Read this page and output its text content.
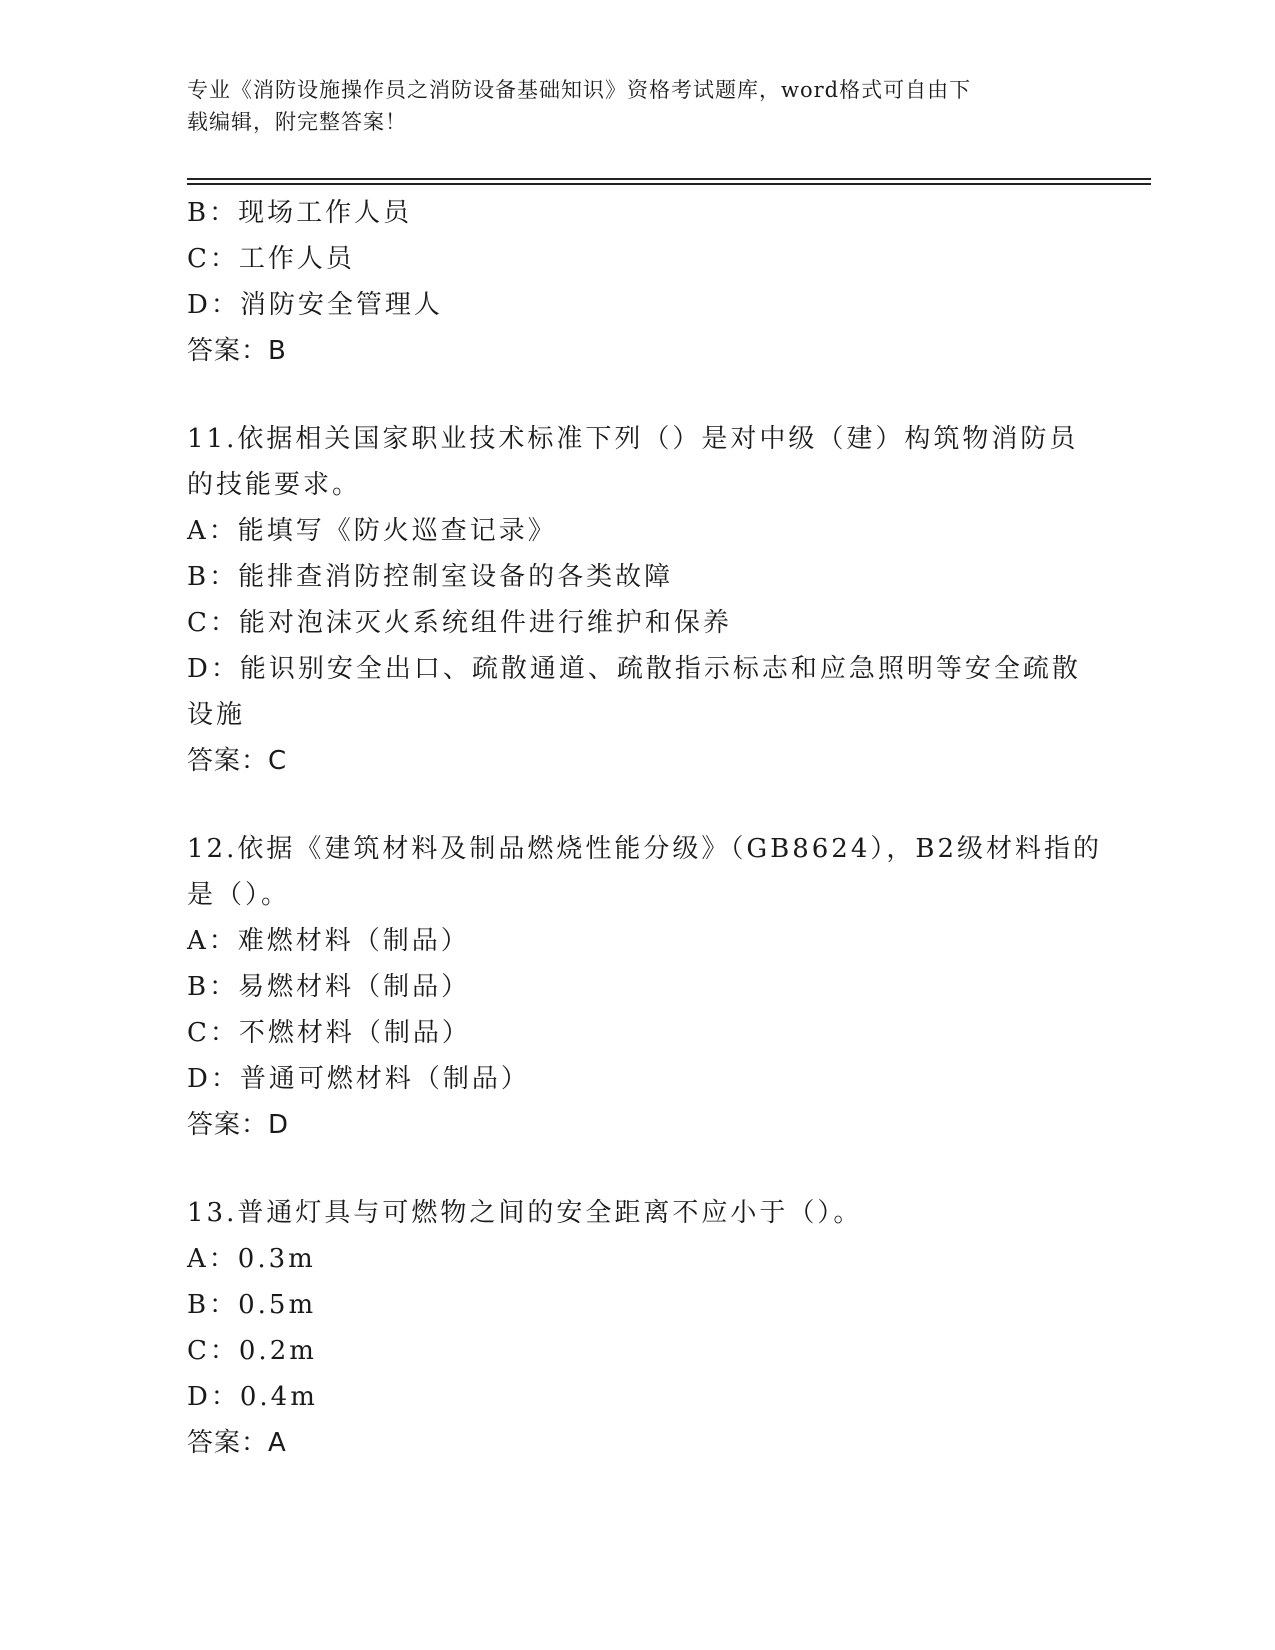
专业《消防设施操作员之消防设备基础知识》资格考试题库，word格式可自由下
载编辑，附完整答案！
B：现场工作人员
C：工作人员
D：消防安全管理人
答案：B
11.依据相关国家职业技术标准下列（）是对中级（建）构筑物消防员
的技能要求。
A：能填写《防火巡查记录》
B：能排查消防控制室设备的各类故障
C：能对泡沫灭火系统组件进行维护和保养
D：能识别安全出口、疏散通道、疏散指示标志和应急照明等安全疏散
设施
答案：C
12.依据《建筑材料及制品燃烧性能分级》（GB8624），B2级材料指的
是（）。
A：难燃材料（制品）
B：易燃材料（制品）
C：不燃材料（制品）
D：普通可燃材料（制品）
答案：D
13.普通灯具与可燃物之间的安全距离不应小于（）。
A：0.3m
B：0.5m
C：0.2m
D：0.4m
答案：A
